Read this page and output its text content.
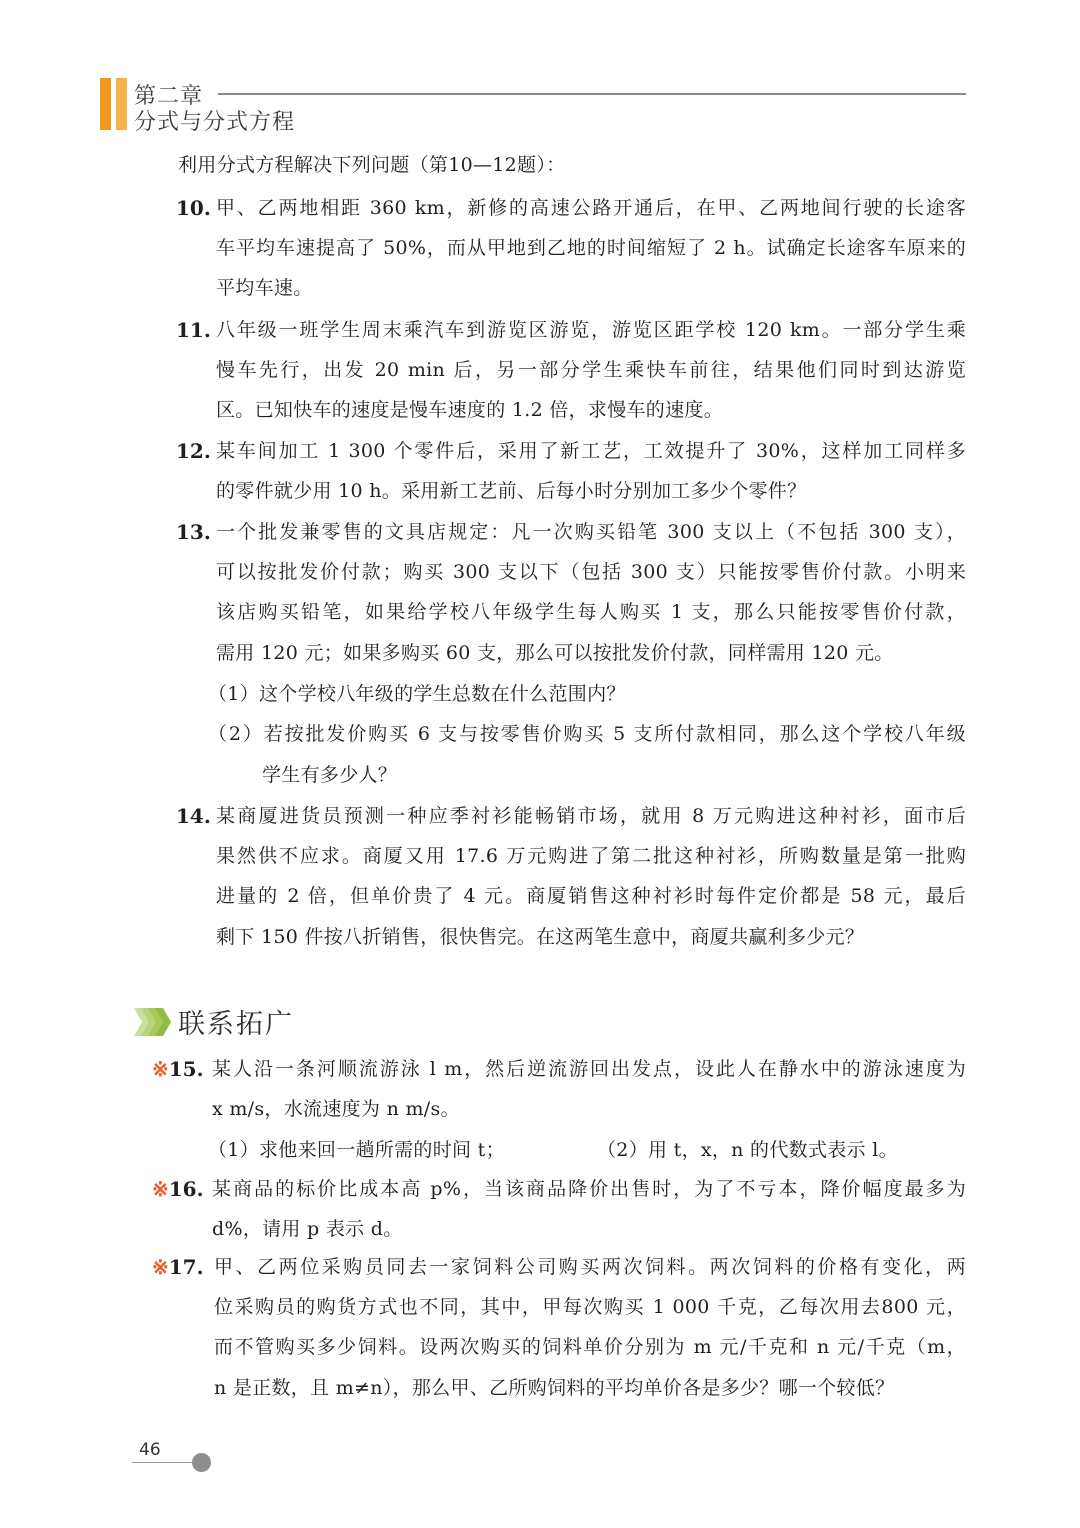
第二章
分式与分式方程
利用分式方程解决下列问题（第10—12题）：
10. 甲、乙两地相距 360 km，新修的高速公路开通后，在甲、乙两地间行驶的长途客
车平均车速提高了 50%，而从甲地到乙地的时间缩短了 2 h。试确定长途客车原来的
平均车速。
11. 八年级一班学生周末乘汽车到游览区游览，游览区距学校 120 km。一部分学生乘
慢车先行，出发 20 min 后，另一部分学生乘快车前往，结果他们同时到达游览
区。已知快车的速度是慢车速度的 1.2 倍，求慢车的速度。
12. 某车间加工 1 300 个零件后，采用了新工艺，工效提升了 30%，这样加工同样多
的零件就少用 10 h。采用新工艺前、后每小时分别加工多少个零件？
13. 一个批发兼零售的文具店规定：凡一次购买铅笔 300 支以上（不包括 300 支），
可以按批发价付款；购买 300 支以下（包括 300 支）只能按零售价付款。小明来
该店购买铅笔，如果给学校八年级学生每人购买 1 支，那么只能按零售价付款，
需用 120 元；如果多购买 60 支，那么可以按批发价付款，同样需用 120 元。
（1）这个学校八年级的学生总数在什么范围内？
（2）若按批发价购买 6 支与按零售价购买 5 支所付款相同，那么这个学校八年级
学生有多少人？
14. 某商厦进货员预测一种应季衬衫能畅销市场，就用 8 万元购进这种衬衫，面市后
果然供不应求。商厦又用 17.6 万元购进了第二批这种衬衫，所购数量是第一批购
进量的 2 倍，但单价贵了 4 元。商厦销售这种衬衫时每件定价都是 58 元，最后
剩下 150 件按八折销售，很快售完。在这两笔生意中，商厦共赢利多少元？
联系拓广
※15. 某人沿一条河顺流游泳 l m，然后逆流游回出发点，设此人在静水中的游泳速度为
x m/s，水流速度为 n m/s。
（1）求他来回一趟所需的时间 t；	（2）用 t，x，n 的代数式表示 l。
※16. 某商品的标价比成本高 p%，当该商品降价出售时，为了不亏本，降价幅度最多为
d%，请用 p 表示 d。
※17. 甲、乙两位采购员同去一家饲料公司购买两次饲料。两次饲料的价格有变化，两
位采购员的购货方式也不同，其中，甲每次购买 1 000 千克，乙每次用去800 元，
而不管购买多少饲料。设两次购买的饲料单价分别为 m 元/千克和 n 元/千克（m，
n 是正数，且 m≠n），那么甲、乙所购饲料的平均单价各是多少？哪一个较低？
46
